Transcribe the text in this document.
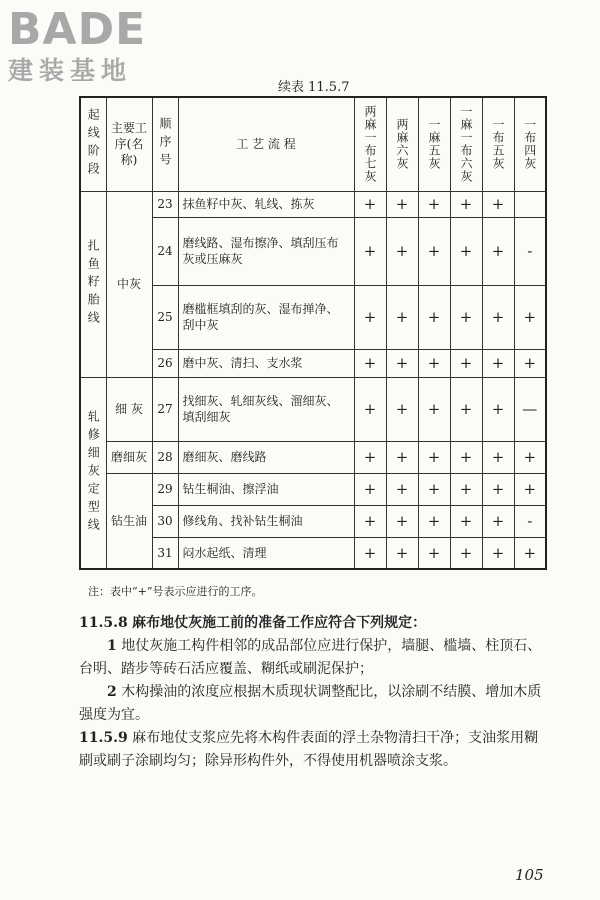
BADE
建装基地
续表 11.5.7
起线阶段	主要工序(名称)	顺序号	工 艺 流 程	两麻一布七灰	两麻六灰	一麻五灰	一麻一布六灰	一布五灰	一布四灰

扎鱼籽胎线	中灰	23	抹鱼籽中灰、轧线、拣灰	+	+	+	+	+	
		24	磨线路、湿布擦净、填刮压布灰或压麻灰	+	+	+	+	+	-
		25	磨槛框填刮的灰、湿布掸净、刮中灰	+	+	+	+	+	+
		26	磨中灰、清扫、支水浆	+	+	+	+	+	+

轧修细灰定型线	细 灰	27	找细灰、轧细灰线、溜细灰、填刮细灰	+	+	+	+	+	—
	磨细灰	28	磨细灰、磨线路	+	+	+	+	+	+
	钻生油	29	钻生桐油、擦浮油	+	+	+	+	+	+
		30	修线角、找补钻生桐油	+	+	+	+	+	-
		31	闷水起纸、清理	+	+	+	+	+	+
注：表中“+”号表示应进行的工序。

11.5.8 麻布地仗灰施工前的准备工作应符合下列规定：

1 地仗灰施工构件相邻的成品部位应进行保护，墙腿、槛墙、柱顶石、台明、踏步等砖石活应覆盖、糊纸或刷泥保护；

2 木构操油的浓度应根据木质现状调整配比，以涂刷不结膜、增加木质强度为宜。

11.5.9 麻布地仗支浆应先将木构件表面的浮土杂物清扫干净；支油浆用糊刷或刷子涂刷均匀；除异形构件外，不得使用机器喷涂支浆。

105
